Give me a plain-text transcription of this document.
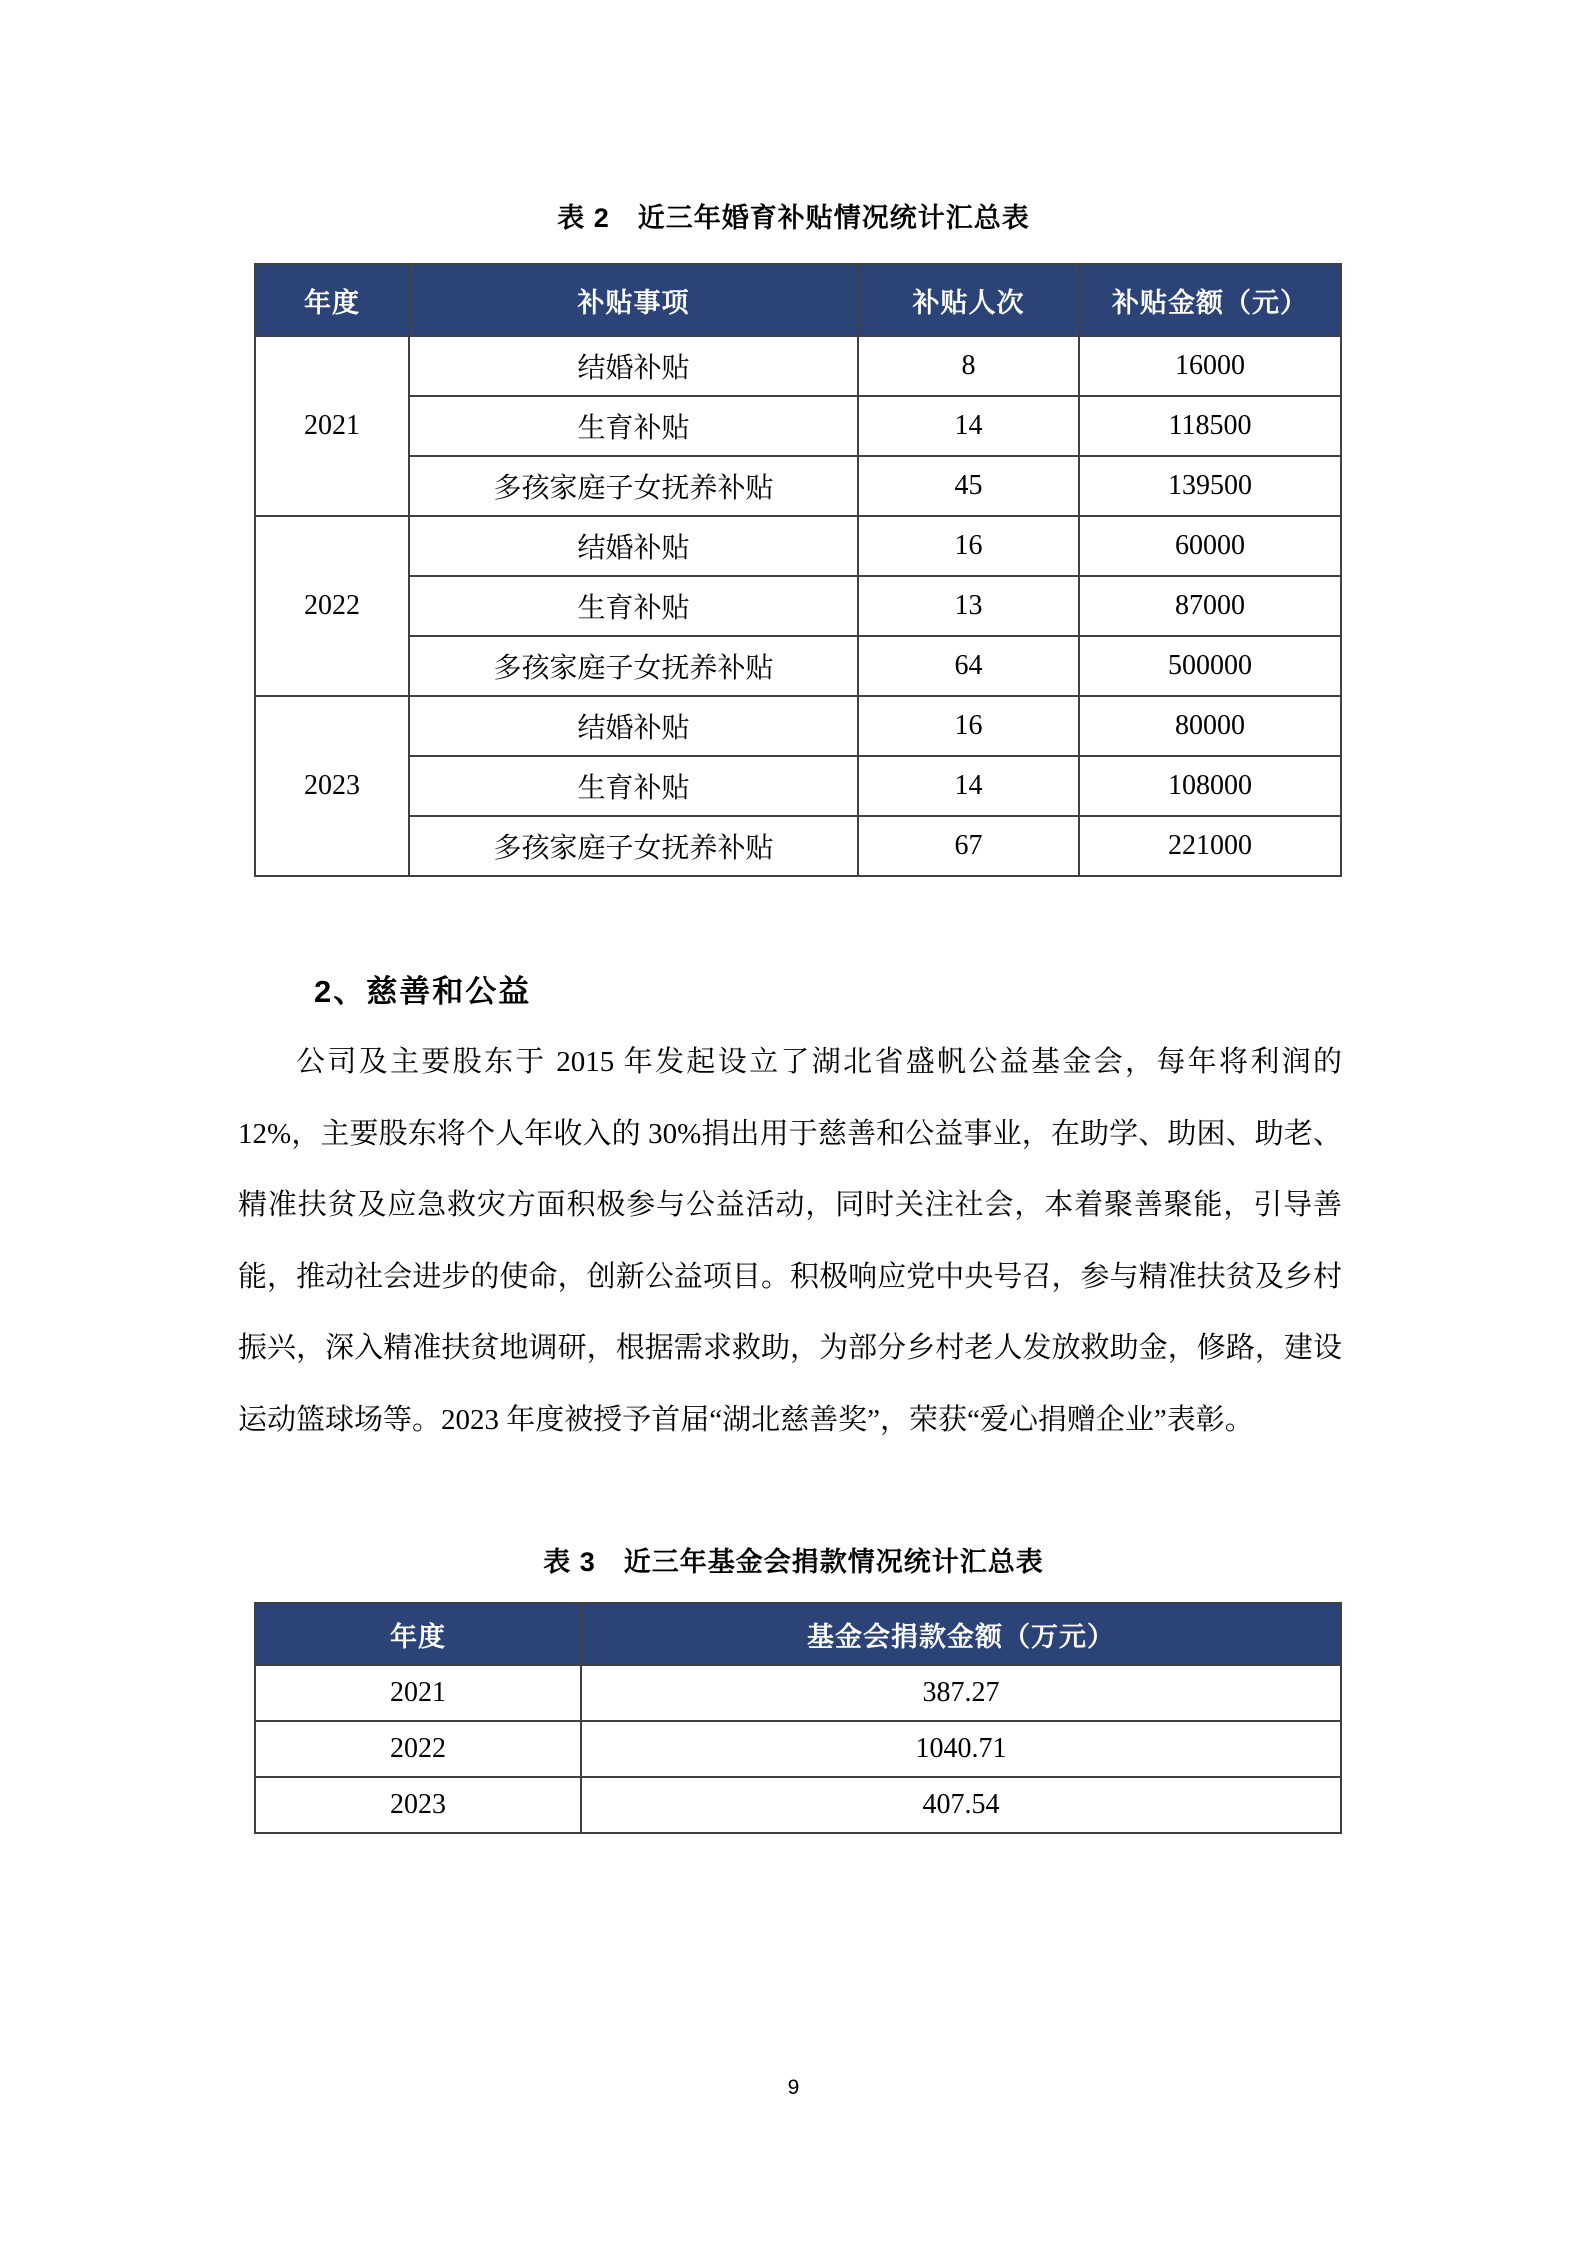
表 2　近三年婚育补贴情况统计汇总表
年度	补贴事项	补贴人次	补贴金额（元）
2021	结婚补贴	8	16000
	生育补贴	14	118500
	多孩家庭子女抚养补贴	45	139500
2022	结婚补贴	16	60000
	生育补贴	13	87000
	多孩家庭子女抚养补贴	64	500000
2023	结婚补贴	16	80000
	生育补贴	14	108000
	多孩家庭子女抚养补贴	67	221000
2、慈善和公益

公司及主要股东于 2015 年发起设立了湖北省盛帆公益基金会，每年将利润的 12%，主要股东将个人年收入的 30%捐出用于慈善和公益事业，在助学、助困、助老、精准扶贫及应急救灾方面积极参与公益活动，同时关注社会，本着聚善聚能，引导善能，推动社会进步的使命，创新公益项目。积极响应党中央号召，参与精准扶贫及乡村振兴，深入精准扶贫地调研，根据需求救助，为部分乡村老人发放救助金，修路，建设运动篮球场等。2023 年度被授予首届“湖北慈善奖”，荣获“爱心捐赠企业”表彰。

表 3　近三年基金会捐款情况统计汇总表
年度	基金会捐款金额（万元）
2021	387.27
2022	1040.71
2023	407.54
9
